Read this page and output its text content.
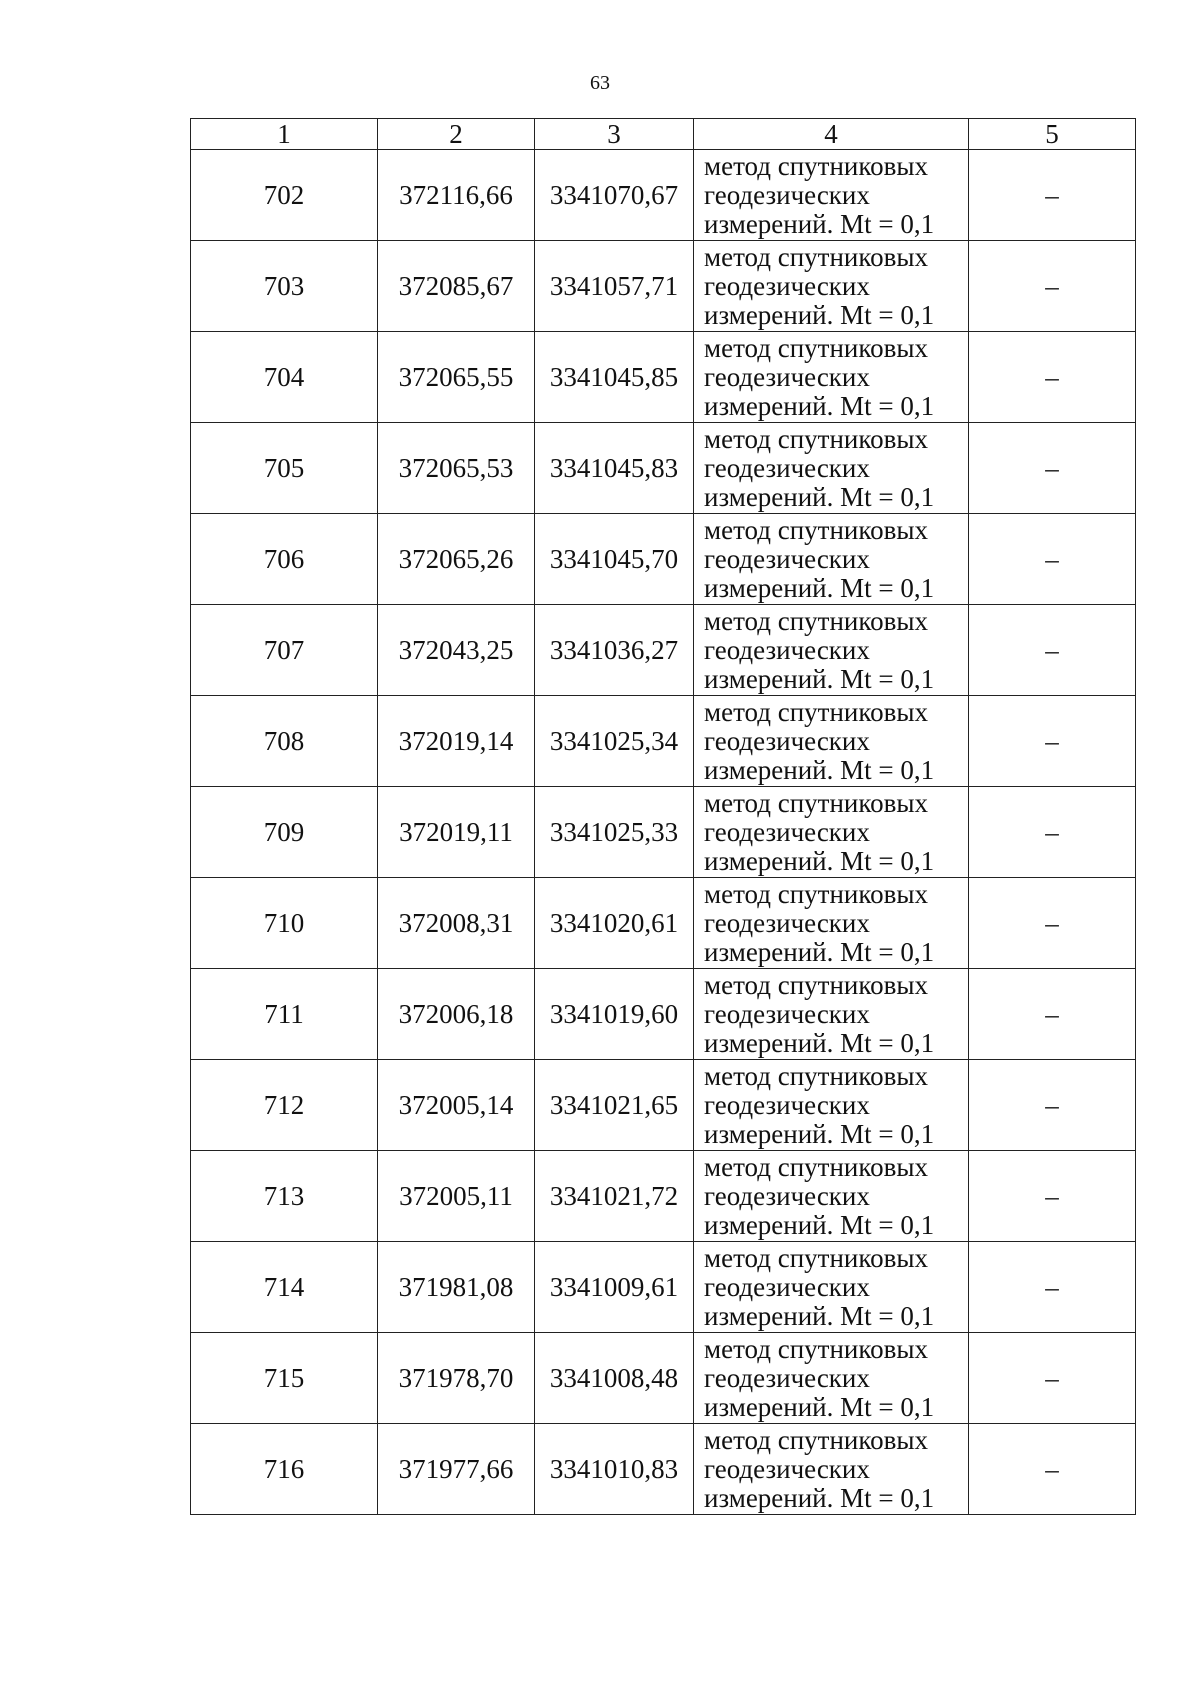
63
1	2	3	4	5
702	372116,66	3341070,67	метод спутниковых
геодезических
измерений. Mt = 0,1	–
703	372085,67	3341057,71	метод спутниковых
геодезических
измерений. Mt = 0,1	–
704	372065,55	3341045,85	метод спутниковых
геодезических
измерений. Mt = 0,1	–
705	372065,53	3341045,83	метод спутниковых
геодезических
измерений. Mt = 0,1	–
706	372065,26	3341045,70	метод спутниковых
геодезических
измерений. Mt = 0,1	–
707	372043,25	3341036,27	метод спутниковых
геодезических
измерений. Mt = 0,1	–
708	372019,14	3341025,34	метод спутниковых
геодезических
измерений. Mt = 0,1	–
709	372019,11	3341025,33	метод спутниковых
геодезических
измерений. Mt = 0,1	–
710	372008,31	3341020,61	метод спутниковых
геодезических
измерений. Mt = 0,1	–
711	372006,18	3341019,60	метод спутниковых
геодезических
измерений. Mt = 0,1	–
712	372005,14	3341021,65	метод спутниковых
геодезических
измерений. Mt = 0,1	–
713	372005,11	3341021,72	метод спутниковых
геодезических
измерений. Mt = 0,1	–
714	371981,08	3341009,61	метод спутниковых
геодезических
измерений. Mt = 0,1	–
715	371978,70	3341008,48	метод спутниковых
геодезических
измерений. Mt = 0,1	–
716	371977,66	3341010,83	метод спутниковых
геодезических
измерений. Mt = 0,1	–
